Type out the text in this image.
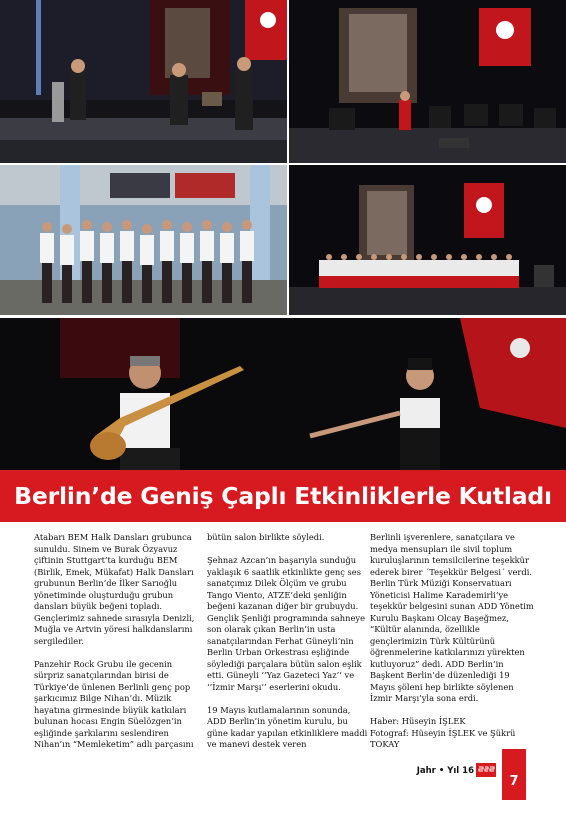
Berlin’de Geniş Çaplı Etkinliklerle Kutladı

Atabarı BEM Halk Dansları grubunca sunuldu. Sinem ve Burak Özyavuz çiftinin Stuttgart’ta kurduğu BEM (Birlik, Emek, Mükafat) Halk Dansları grubunun Berlin’de İlker Sarıoğlu yönetiminde oluşturduğu grubun dansları büyük beğeni topladı. Gençlerimiz sahnede sırasıyla Denizli, Muğla ve Artvin yöresi halkdanslarını sergilediler.

Panzehir Rock Grubu ile gecenin sürpriz sanatçılarından birisi de Türkiye’de ünlenen Berlinli genç pop şarkıcımız Bilge Nihan’dı. Müzik hayatına girmesinde büyük katkıları bulunan hocası Engin Süelözgen’in eşliğinde şarkılarını seslendiren Nihan’ın “Memleketim” adlı parçasını

bütün salon birlikte söyledi.

Şehnaz Azcan’ın başarıyla sunduğu yaklaşık 6 saatlik etkinlikte genç ses sanatçımız Dilek Ölçüm ve grubu Tango Viento, ATZE’deki şenliğin beğeni kazanan diğer bir grubuydu. Gençlik Şenliği programında sahneye son olarak çıkan Berlin’in usta sanatçılarından Ferhat Güneyli’nin Berlin Urban Orkestrası eşliğinde söylediği parçalara bütün salon eşlik etti. Güneyli ‘’Yaz Gazeteci Yaz’’ ve ‘’İzmir Marşı’’ eserlerini okudu.

19 Mayıs kutlamalarının sonunda, ADD Berlin’in yönetim kurulu, bu güne kadar yapılan etkinliklere maddi ve manevi destek veren

Berlinli işverenlere, sanatçılara ve medya mensupları ile sivil toplum kuruluşlarının temsilcilerine teşekkür ederek birer ´Teşekkür Belgesi´ verdi. Berlin Türk Müziği Konservatuarı Yöneticisi Halime Karademirli’ye teşekkür belgesini sunan ADD Yönetim Kurulu Başkanı Olcay Başeğmez, “Kültür alanında, özellikle gençlerimizin Türk Kültürünü öğrenmelerine katkılarınızı yürekten kutluyoruz” dedi. ADD Berlin’in Başkent Berlin’de düzenlediği 19 Mayıs şöleni hep birlikte söylenen İzmir Marşı’yla sona erdi.

Haber: Hüseyin İŞLEK
Fotograf: Hüseyin İŞLEK ve Şükrü TOKAY

Jahr • Yıl 16
7
